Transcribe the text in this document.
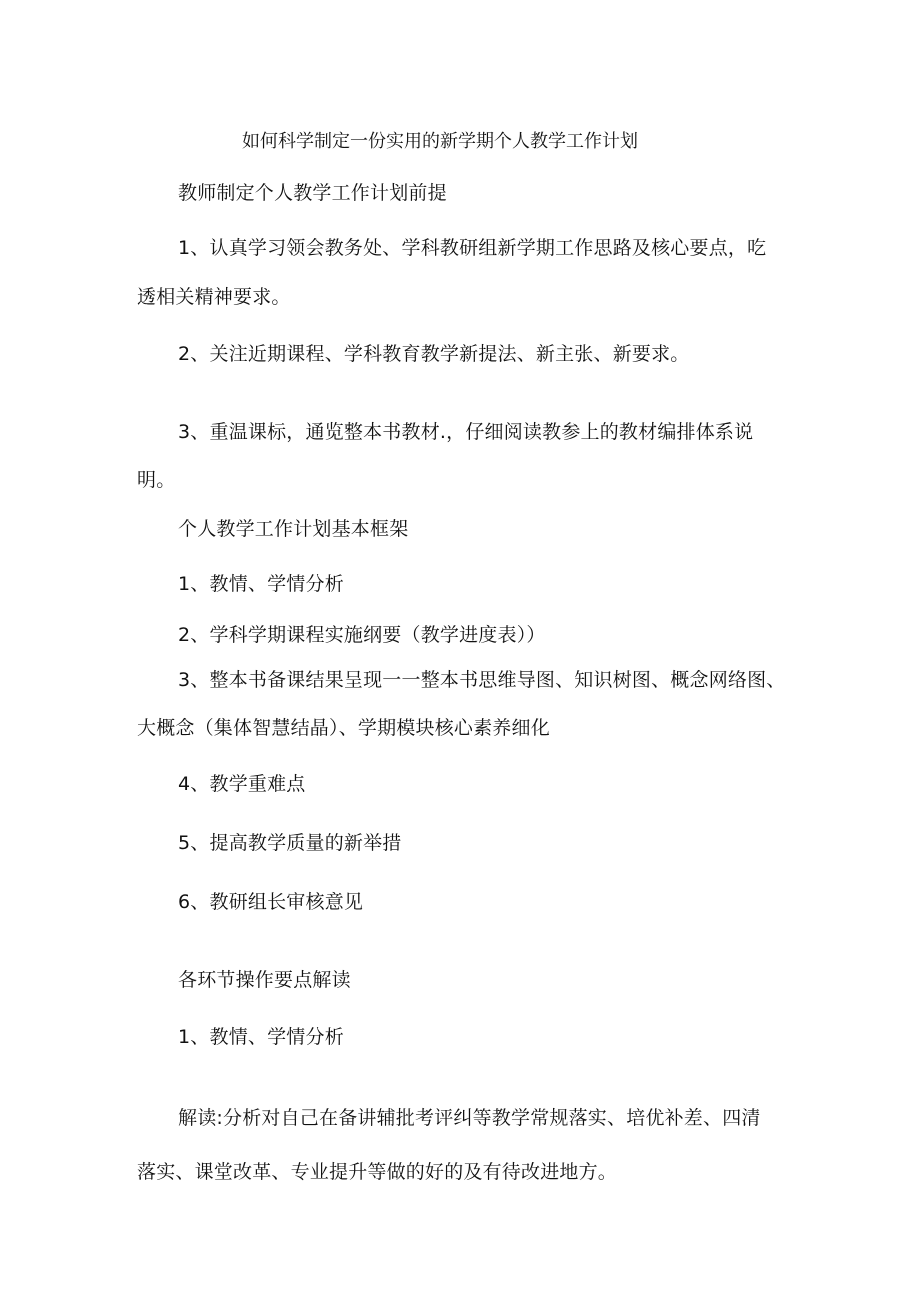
如何科学制定一份实用的新学期个人教学工作计划
教师制定个人教学工作计划前提
1、认真学习领会教务处、学科教研组新学期工作思路及核心要点，吃
透相关精神要求。
2、关注近期课程、学科教育教学新提法、新主张、新要求。
3、重温课标，通览整本书教材.，仔细阅读教参上的教材编排体系说
明。
个人教学工作计划基本框架
1、教情、学情分析
2、学科学期课程实施纲要（教学进度表））
3、整本书备课结果呈现一一整本书思维导图、知识树图、概念网络图、
大概念（集体智慧结晶）、学期模块核心素养细化
4、教学重难点
5、提高教学质量的新举措
6、教研组长审核意见
各环节操作要点解读
1、教情、学情分析
解读:分析对自己在备讲辅批考评纠等教学常规落实、培优补差、四清
落实、课堂改革、专业提升等做的好的及有待改进地方。
